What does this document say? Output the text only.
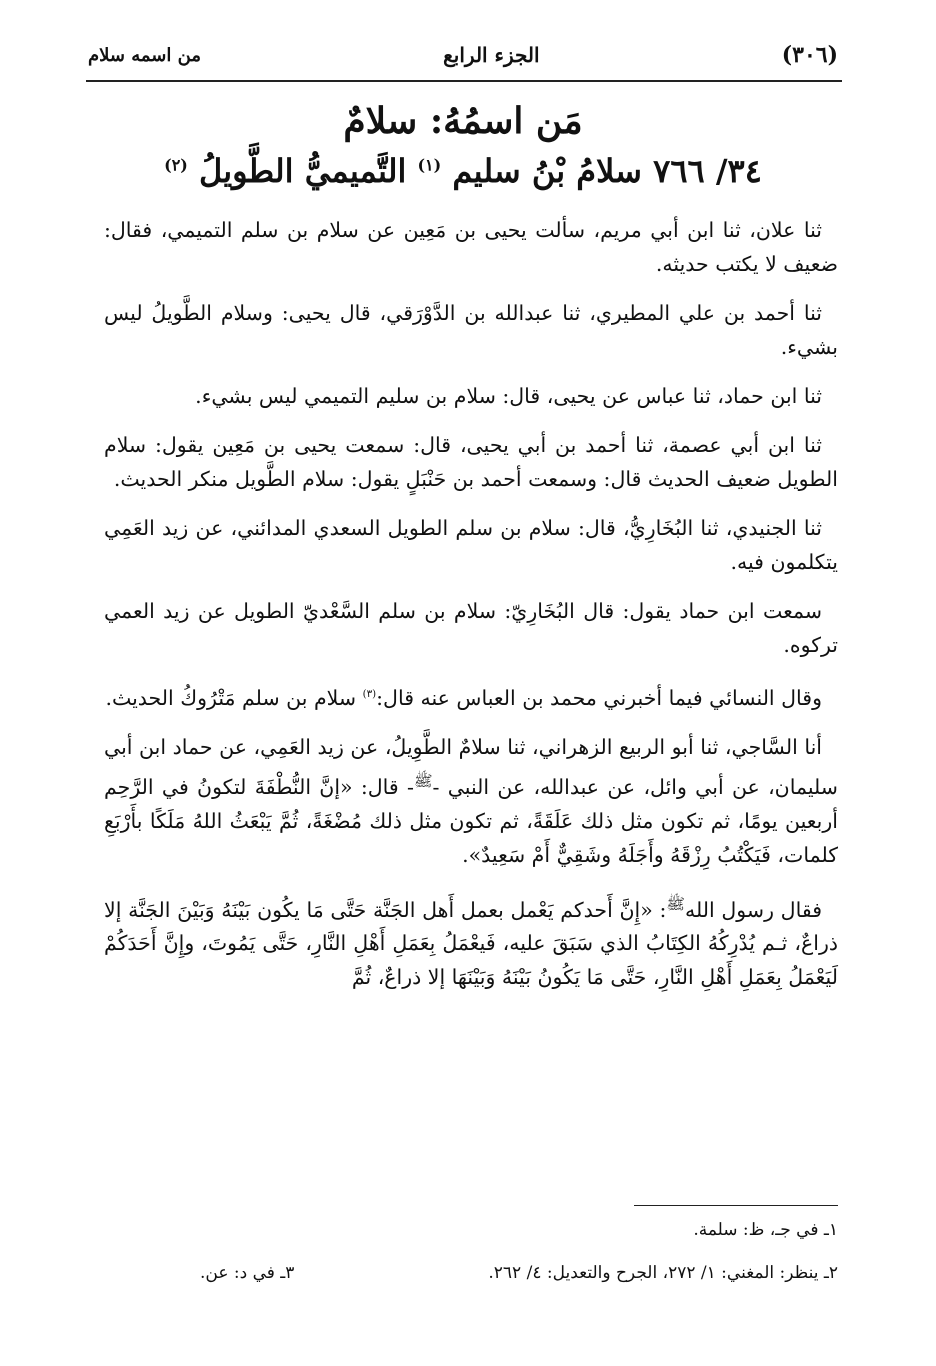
(٣٠٦)
الجزء الرابع
من اسمه سلام
مَن اسمُهُ: سلامٌ
٣٤/ ٧٦٦ سلامُ بْنُ سليم $^{(١)}$ التَّميميُّ الطَّويلُ $^{(٢)}$

ثنا علان، ثنا ابن أبي مريم، سألت يحيى بن مَعِين عن سلام بن سلم التميمي، فقال: ضعيف لا يكتب حديثه.

ثنا أحمد بن علي المطيري، ثنا عبدالله بن الدَّوْرَقي، قال يحيى: وسلام الطَّويلُ ليس بشيء.

ثنا ابن حماد، ثنا عباس عن يحيى، قال: سلام بن سليم التميمي ليس بشيء.

ثنا ابن أبي عصمة، ثنا أحمد بن أبي يحيى، قال: سمعت يحيى بن مَعِين يقول: سلام الطويل ضعيف الحديث قال: وسمعت أحمد بن حَنْبَلٍ يقول: سلام الطَّويل منكر الحديث.

ثنا الجنيدي، ثنا البُخَارِيُّ، قال: سلام بن سلم الطويل السعدي المدائني، عن زيد العَمِي يتكلمون فيه.

سمعت ابن حماد يقول: قال البُخَارِيّ: سلام بن سلم السَّعْديّ الطويل عن زيد العمي تركوه.

وقال النسائي فيما أخبرني محمد بن العباس عنه قال:$^{(٣)}$ سلام بن سلم مَتْرُوكُ الحديث.

أنا السَّاجي، ثنا أبو الربيع الزهراني، ثنا سلامٌ الطَّوِيلُ، عن زيد العَمِي، عن حماد ابن أبي سليمان، عن أبي وائل، عن عبدالله، عن النبي -$^ﷺ$- قال: «إنَّ النُّطْفَةَ لتكونُ في الرَّحِم أربعين يومًا، ثم تكون مثل ذلك عَلَقَةً، ثم تكون مثل ذلك مُضْغَةً، ثُمَّ يَبْعَثُ اللهُ مَلَكًا بأَرْبَعِ كلمات، فَيَكْتُبُ رِزْقَهُ وأَجَلَهُ وشَقِيٌّ أَمْ سَعِيدٌ».

فقال رسول الله$^ﷺ$: «إِنَّ أَحدكم يَعْمل بعمل أَهل الجَنَّة حَتَّى مَا يكُون بَيْنَهُ وَبَيْنَ الجَنَّة إلا ذراعٌ، ثـم يُدْرِكُهُ الكِتَابُ الذي سَبَقَ عليه، فَيعْمَلُ بِعَمَلِ أَهْلِ النَّارِ، حَتَّى يَمُوتَ، وإِنَّ أَحَدَكُمْ لَيَعْمَلُ بِعَمَلِ أَهْلِ النَّارِ، حَتَّى مَا يَكُونُ بَيْنَهُ وَبَيْنَهَا إلا ذراعٌ، ثُمَّ

١ـ في جـ، ظ: سلمة.
٢ـ ينظر: المغني: ١/ ٢٧٢، الجرح والتعديل: ٤/ ٢٦٢.
٣ـ في د: عن.
